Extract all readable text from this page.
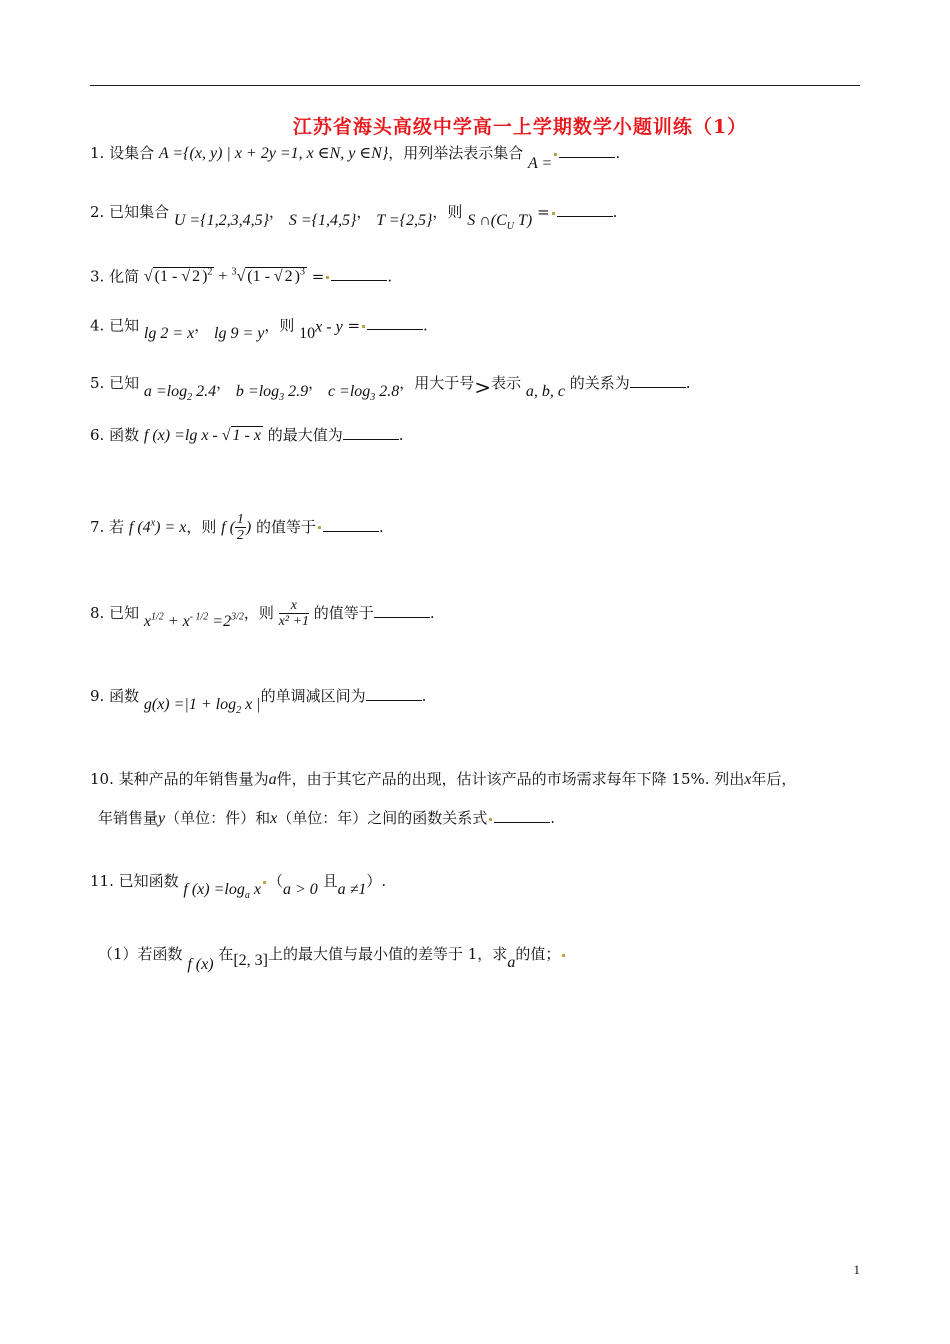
江苏省海头高级中学高一上学期数学小题训练（1）
1. 设集合 A ={(x, y) | x + 2y =1, x ∈N, y ∈N}，用列举法表示集合 A =.
2. 已知集合 U ={1,2,3,4,5}， S ={1,4,5}， T ={2,5}，则 S $\cap(C_U$ T) =	.
3. 化简 √ (1 - √ 2 )$^2$ + $^3$√ (1 - √ 2 )$^3$ =	.
4. 已知 lg 2 = x， lg 9 = y，则 $10^{x - y}$ =	.
5. 已知 $a =\log_2$ 2.4， $b =\log_3$ 2.9， $c =\log_3$ 2.8，用大于号>表示 a, b, c 的关系为	.
6. 函数 f (x) =lg x - √ 1 - x 的最大值为	.
7. 若 f $(4^x) = x$，则 f ( $\frac{1}{2}$ ) 的值等于	.
8. 已知 $x^{1/2} + x^{- 1/2} =2^{3/2}$，则 $\frac{x}{\text{x² +1}}$ 的值等于	.
9. 函数 $g(x) =|1 + \log_2 x$ |的单调减区间为	.
10. 某种产品的年销售量为a件，由于其它产品的出现，估计该产品的市场需求每年下降 15%. 列出x年后，
年销售量y（单位：件）和x（单位：年）之间的函数关系式	.
11. 已知函数 f $(x) =\log_a$ x （a > 0 且a ≠1）.
（1）若函数 f (x) 在[2, 3]上的最大值与最小值的差等于 1，求a的值；
1
